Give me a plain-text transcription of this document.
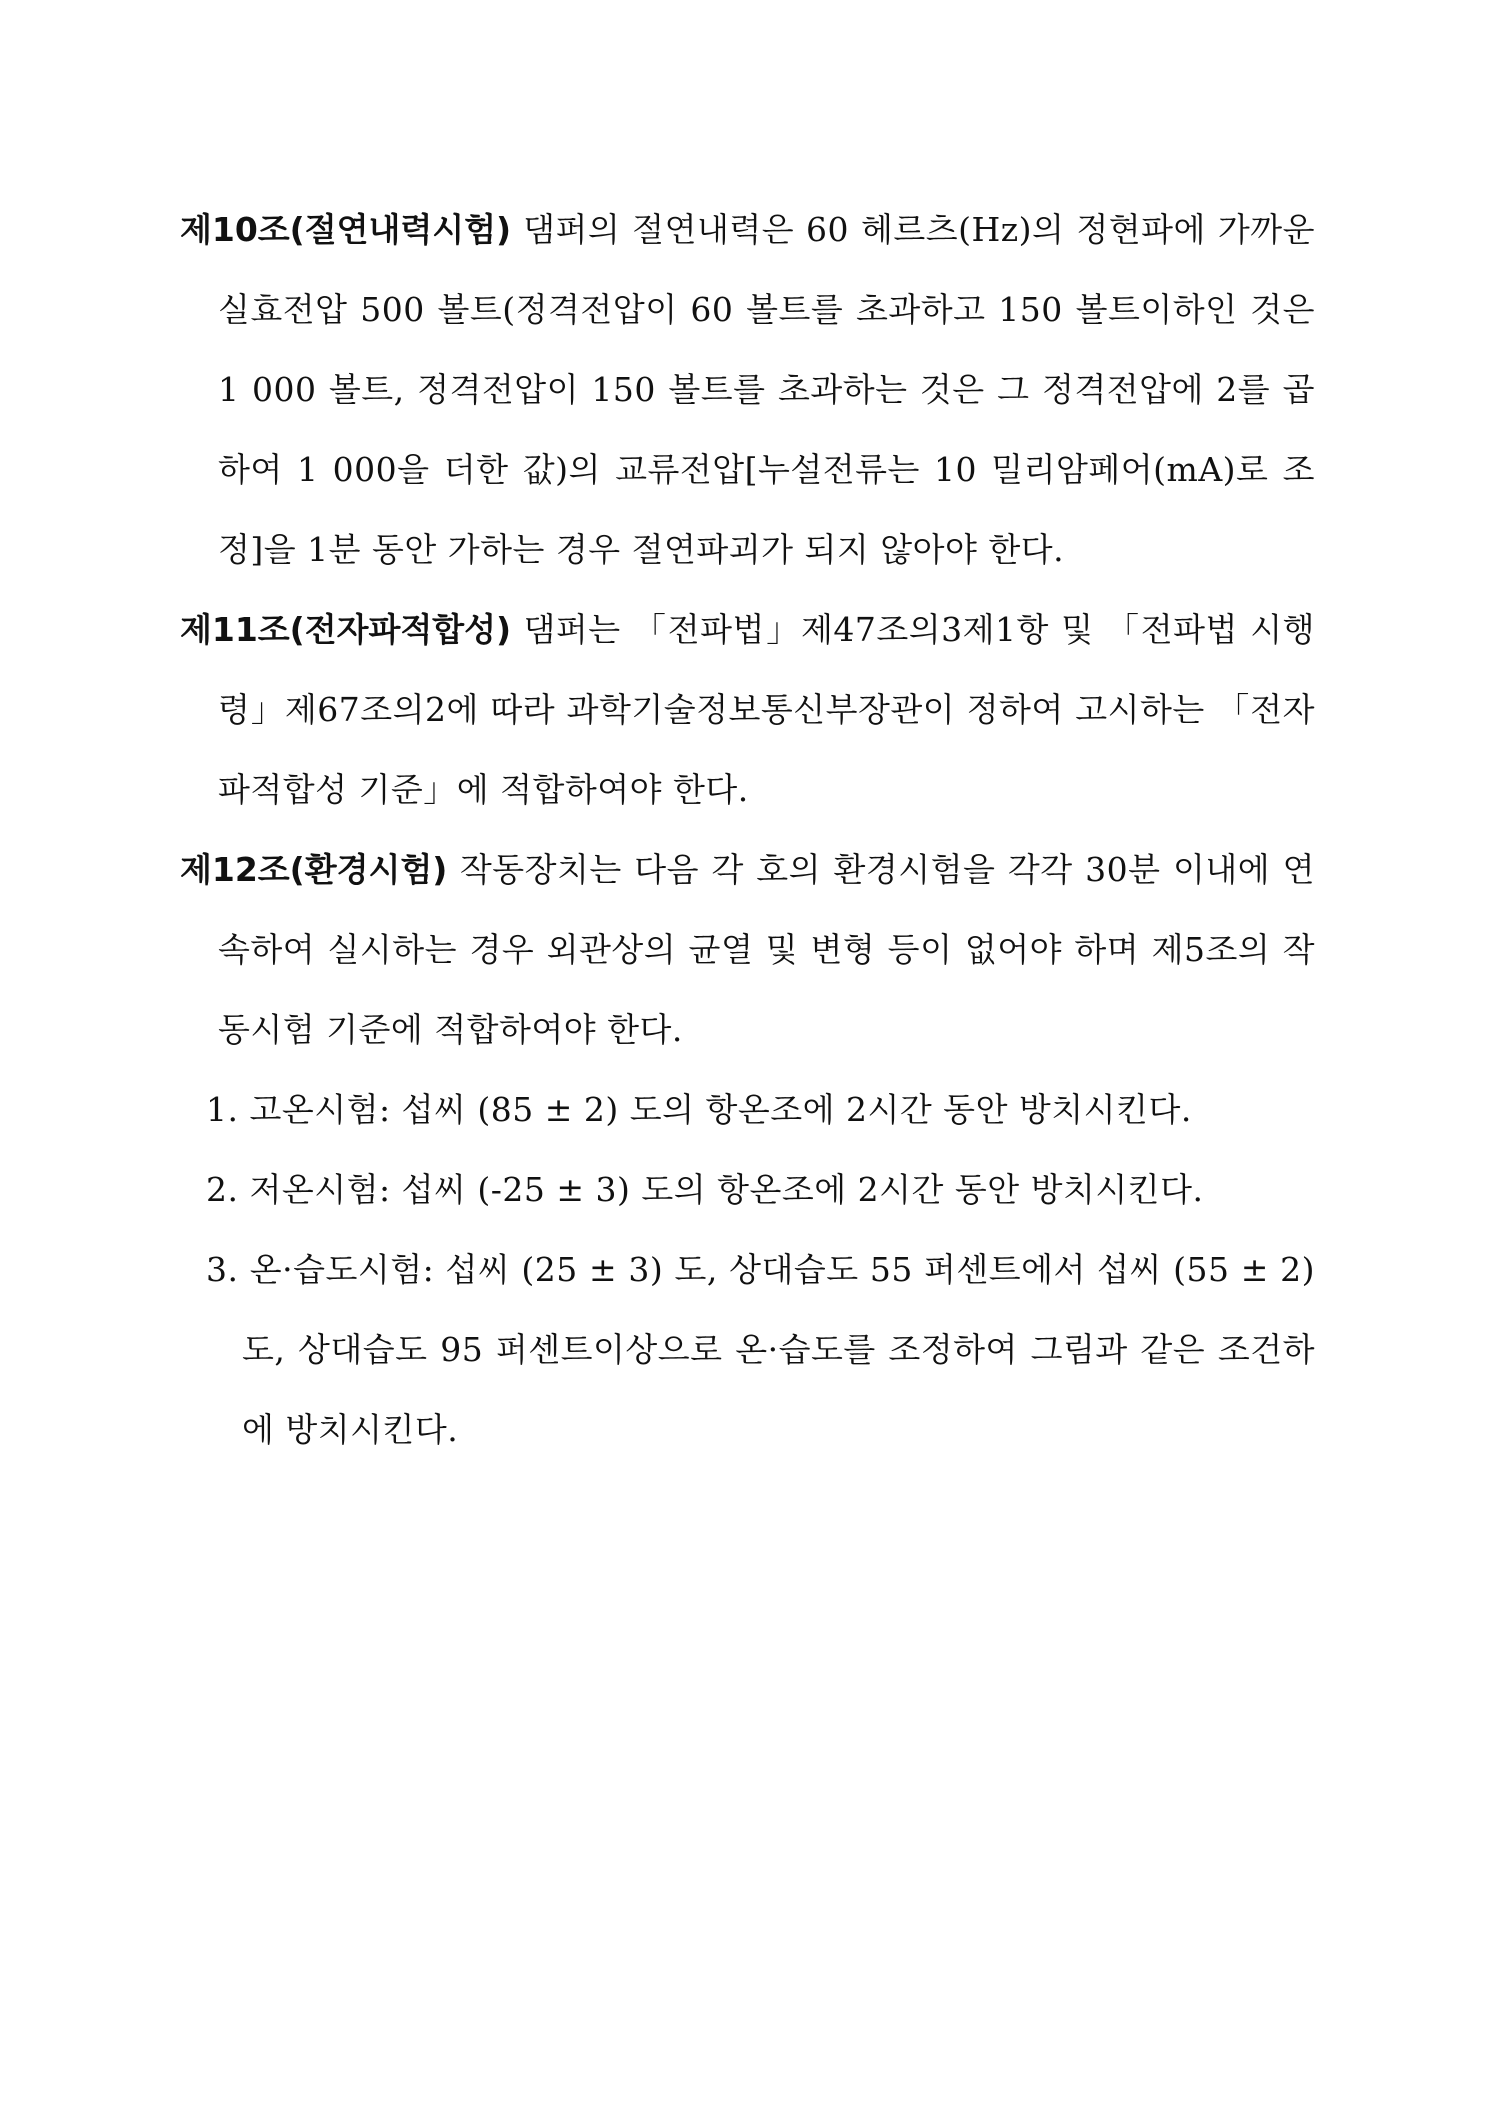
제10조(절연내력시험) 댐퍼의 절연내력은 60 헤르츠(Hz)의 정현파에 가까운 실효전압 500 볼트(정격전압이 60 볼트를 초과하고 150 볼트이하인 것은 1 000 볼트, 정격전압이 150 볼트를 초과하는 것은 그 정격전압에 2를 곱하여 1 000을 더한 값)의 교류전압[누설전류는 10 밀리암페어(mA)로 조정]을 1분 동안 가하는 경우 절연파괴가 되지 않아야 한다.

제11조(전자파적합성) 댐퍼는 「전파법」제47조의3제1항 및 「전파법 시행령」제67조의2에 따라 과학기술정보통신부장관이 정하여 고시하는 「전자파적합성 기준」에 적합하여야 한다.

제12조(환경시험) 작동장치는 다음 각 호의 환경시험을 각각 30분 이내에 연속하여 실시하는 경우 외관상의 균열 및 변형 등이 없어야 하며 제5조의 작동시험 기준에 적합하여야 한다.

1. 고온시험: 섭씨 (85 ± 2) 도의 항온조에 2시간 동안 방치시킨다.

2. 저온시험: 섭씨 (-25 ± 3) 도의 항온조에 2시간 동안 방치시킨다.

3. 온·습도시험: 섭씨 (25 ± 3) 도, 상대습도 55 퍼센트에서 섭씨 (55 ± 2) 도, 상대습도 95 퍼센트이상으로 온·습도를 조정하여 그림과 같은 조건하에 방치시킨다.
